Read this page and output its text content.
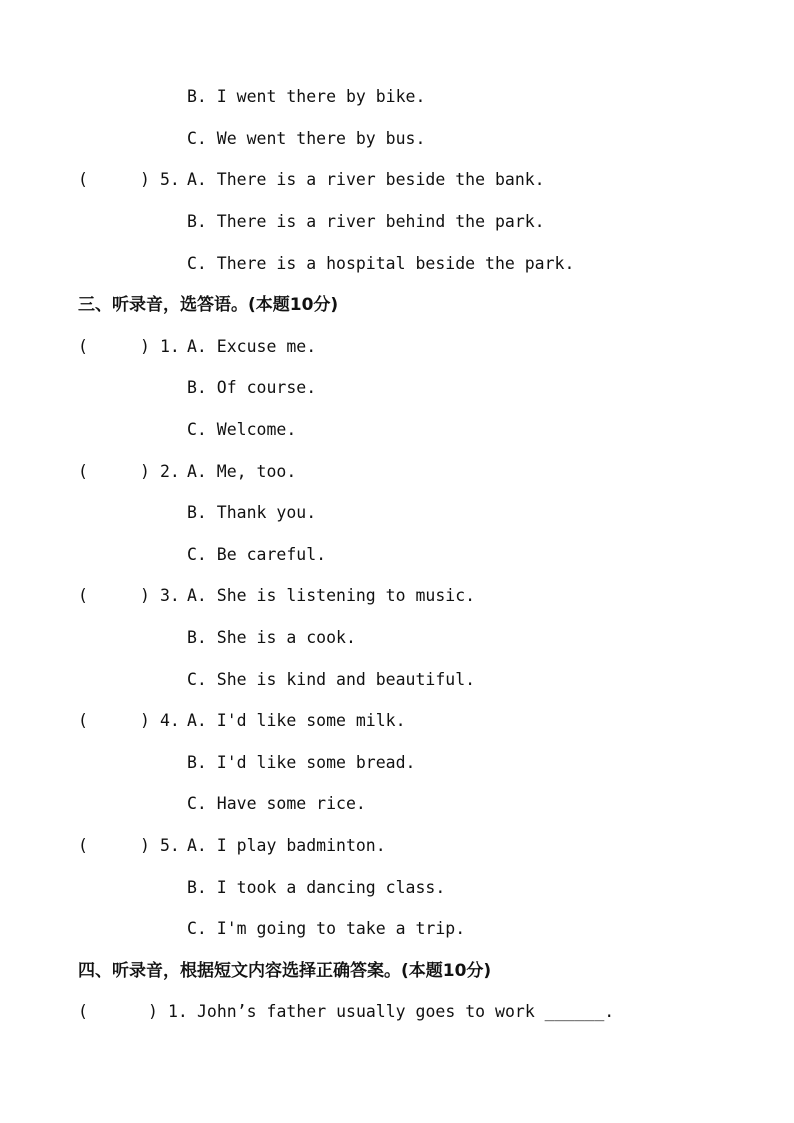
B. I went there by bike.
C. We went there by bus.
(	) 5. A. There is a river beside the bank.
B. There is a river behind the park.
C. There is a hospital beside the park.
三、听录音，选答语。(本题10分)
(	) 1. A. Excuse me.
B. Of course.
C. Welcome.
(	) 2. A. Me, too.
B. Thank you.
C. Be careful.
(	) 3. A. She is listening to music.
B. She is a cook.
C. She is kind and beautiful.
(	) 4. A. I'd like some milk.
B. I'd like some bread.
C. Have some rice.
(	) 5. A. I play badminton.
B. I took a dancing class.
C. I'm going to take a trip.
四、听录音，根据短文内容选择正确答案。(本题10分)
(	) 1. John’s father usually goes to work ______.
